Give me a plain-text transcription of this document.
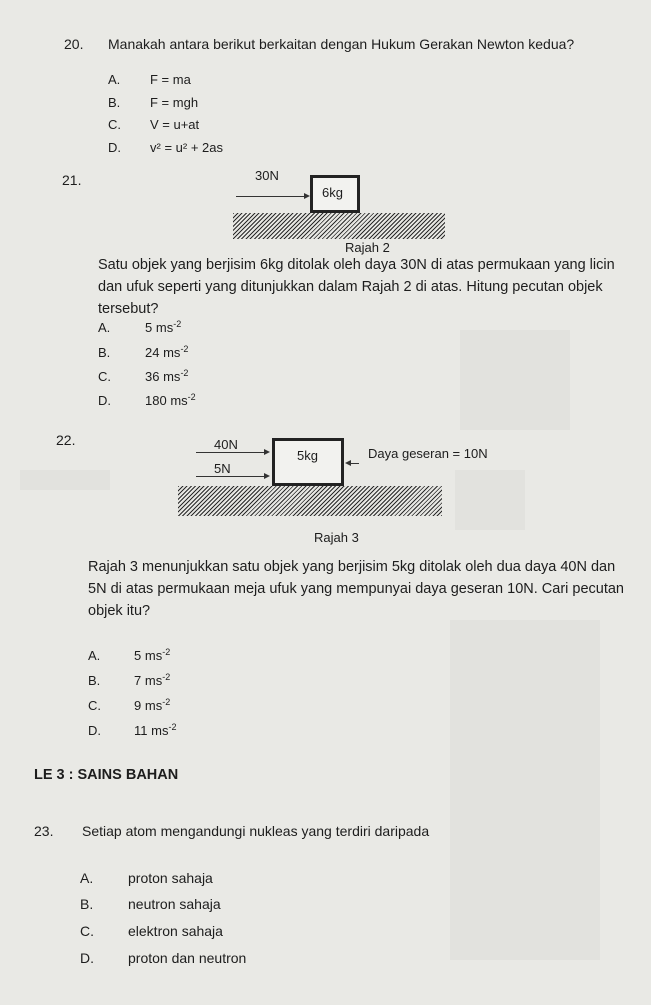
20. Manakah antara berikut berkaitan dengan Hukum Gerakan Newton kedua?
A. F = ma
B. F = mgh
C. V = u+at
D. v² = u² + 2as
21.	30N
6kg
Rajah 2

Satu objek yang berjisim 6kg ditolak oleh daya 30N di atas permukaan yang licin dan ufuk seperti yang ditunjukkan dalam Rajah 2 di atas. Hitung pecutan objek tersebut?

A.	5 $ms^{-2}$
B.	24 $ms^{-2}$
C.	36 $ms^{-2}$
D.	180 $ms^{-2}$
22.	40N
5N
5kg	Daya geseran = 10N
Rajah 3

Rajah 3 menunjukkan satu objek yang berjisim 5kg ditolak oleh dua daya 40N dan 5N di atas permukaan meja ufuk yang mempunyai daya geseran 10N. Cari pecutan objek itu?

A.	5 $ms^{-2}$
B.	7 $ms^{-2}$
C.	9 $ms^{-2}$
D.	11 $ms^{-2}$
LE 3 : SAINS BAHAN
23. Setiap atom mengandungi nukleas yang terdiri daripada
A. proton sahaja
B. neutron sahaja
C. elektron sahaja
D. proton dan neutron
